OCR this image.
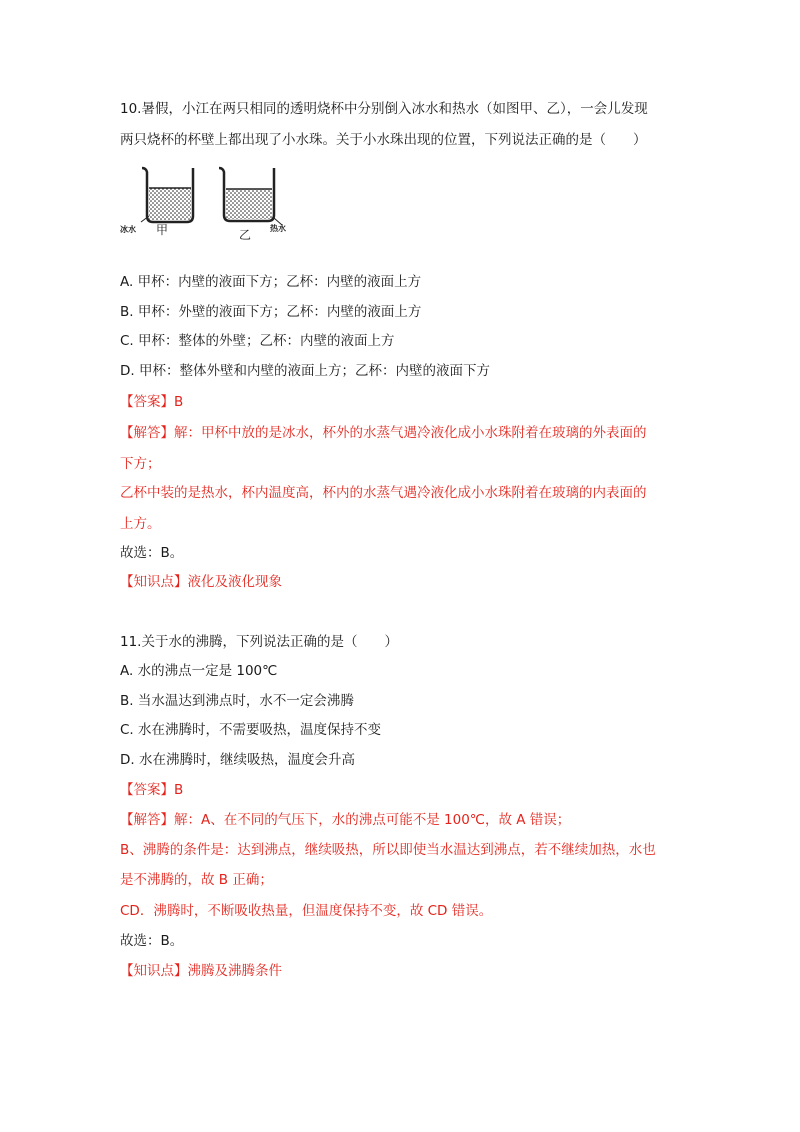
10.暑假，小江在两只相同的透明烧杯中分别倒入冰水和热水（如图甲、乙），一会儿发现
两只烧杯的杯壁上都出现了小水珠。关于小水珠出现的位置，下列说法正确的是（　　）
冰水 甲	乙 热水
A. 甲杯：内壁的液面下方；乙杯：内壁的液面上方
B. 甲杯：外壁的液面下方；乙杯：内壁的液面上方
C. 甲杯：整体的外壁；乙杯：内壁的液面上方
D. 甲杯：整体外壁和内壁的液面上方；乙杯：内壁的液面下方
【答案】B
【解答】解：甲杯中放的是冰水，杯外的水蒸气遇冷液化成小水珠附着在玻璃的外表面的
下方；
乙杯中装的是热水，杯内温度高，杯内的水蒸气遇冷液化成小水珠附着在玻璃的内表面的
上方。
故选：B。
【知识点】液化及液化现象
11.关于水的沸腾，下列说法正确的是（　　）
A. 水的沸点一定是 100℃
B. 当水温达到沸点时，水不一定会沸腾
C. 水在沸腾时，不需要吸热，温度保持不变
D. 水在沸腾时，继续吸热，温度会升高
【答案】B
【解答】解：A、在不同的气压下，水的沸点可能不是 100℃，故 A 错误；
B、沸腾的条件是：达到沸点，继续吸热，所以即使当水温达到沸点，若不继续加热，水也
是不沸腾的，故 B 正确；
CD．沸腾时，不断吸收热量，但温度保持不变，故 CD 错误。
故选：B。
【知识点】沸腾及沸腾条件
